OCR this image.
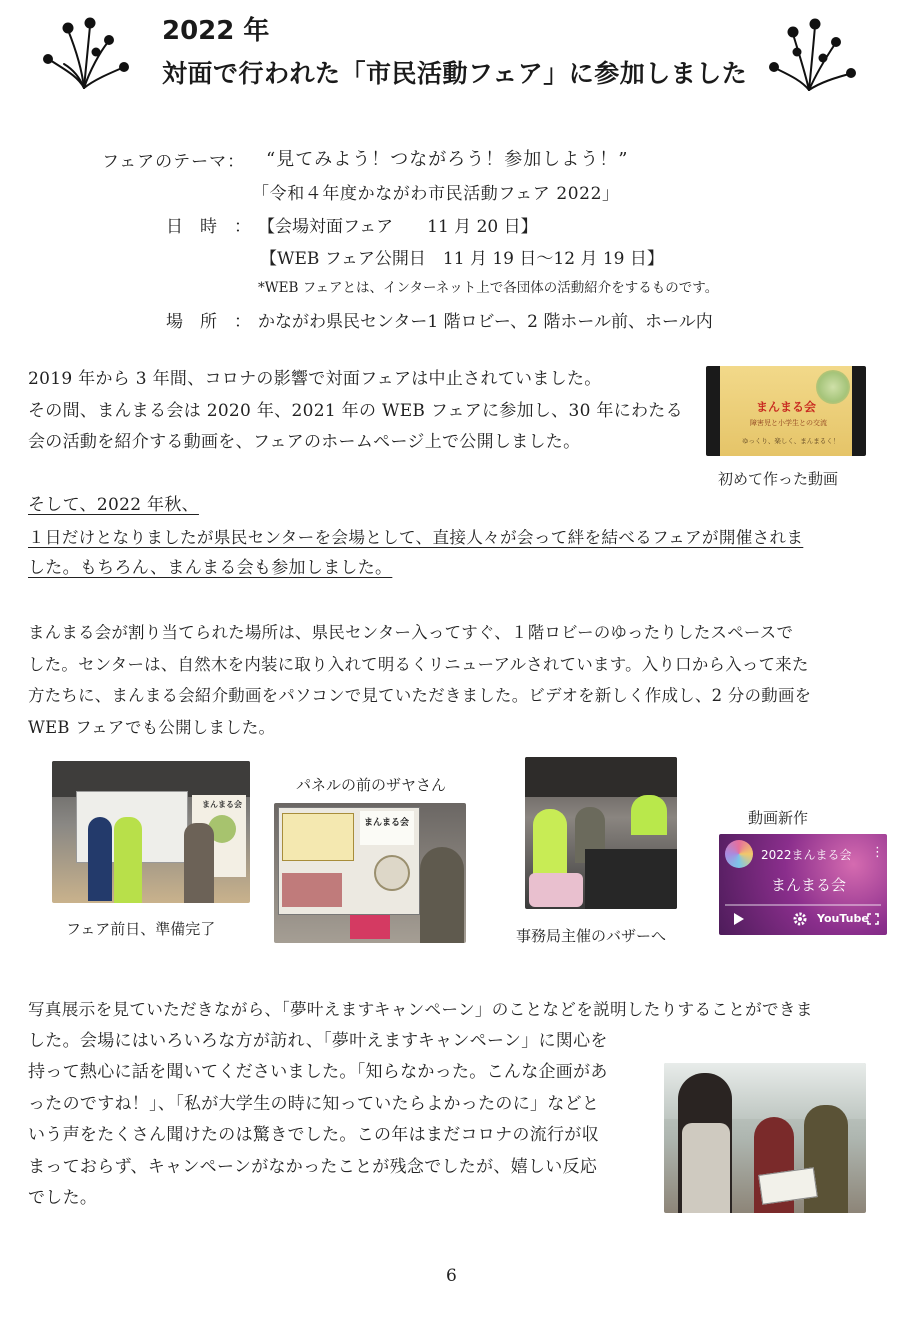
2022 年
対面で行われた「市民活動フェア」に参加しました
フェアのテーマ： “見てみよう！つながろう！参加しよう！”
「令和４年度かながわ市民活動フェア 2022」
日　時　： 【会場対面フェア　　11 月 20 日】
【WEB フェア公開日　11 月 19 日～12 月 19 日】
*WEB フェアとは、インターネット上で各団体の活動紹介をするものです。
場　所　： かながわ県民センター1 階ロビー、2 階ホール前、ホール内
2019 年から 3 年間、コロナの影響で対面フェアは中止されていました。
その間、まんまる会は 2020 年、2021 年の WEB フェアに参加し、30 年にわたる
会の活動を紹介する動画を、フェアのホームページ上で公開しました。
まんまる会
障害児と小学生との交流
ゆっくり、楽しく、まんまるく！
初めて作った動画
そして、2022 年秋、
１日だけとなりましたが県民センターを会場として、直接人々が会って絆を結べるフェアが開催されま
した。もちろん、まんまる会も参加しました。
まんまる会が割り当てられた場所は、県民センター入ってすぐ、１階ロビーのゆったりしたスペースで
した。センターは、自然木を内装に取り入れて明るくリニューアルされています。入り口から入って来た
方たちに、まんまる会紹介動画をパソコンで見ていただきました。ビデオを新しく作成し、2 分の動画を
WEB フェアでも公開しました。
まんまる会
フェア前日、準備完了
パネルの前のザヤさん
まんまる会
事務局主催のバザーへ
動画新作
2022まんまる会 ⋮
まんまる会
YouTube
写真展示を見ていただきながら、「夢叶えますキャンペーン」のことなどを説明したりすることができま
した。会場にはいろいろな方が訪れ、「夢叶えますキャンペーン」に関心を
持って熱心に話を聞いてくださいました。「知らなかった。こんな企画があ
ったのですね！」、「私が大学生の時に知っていたらよかったのに」などと
いう声をたくさん聞けたのは驚きでした。この年はまだコロナの流行が収
まっておらず、キャンペーンがなかったことが残念でしたが、嬉しい反応
でした。
6
